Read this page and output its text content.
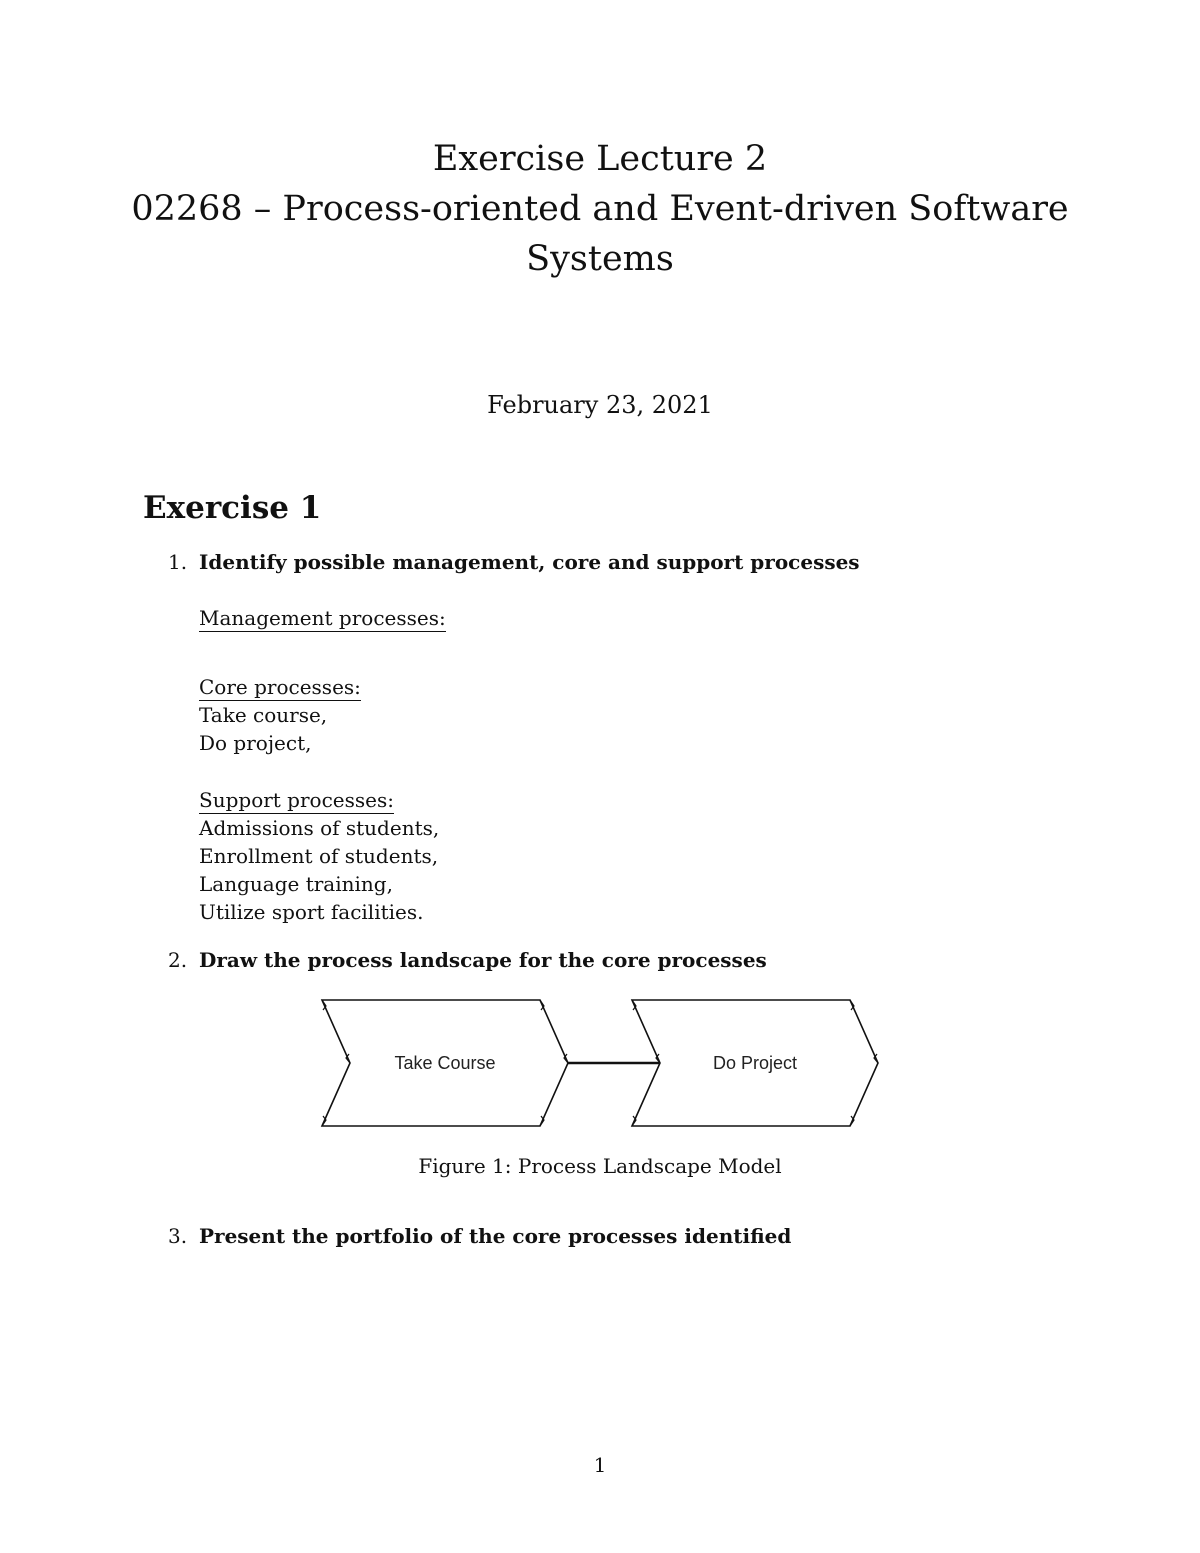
Exercise Lecture 2

02268 – Process-oriented and Event-driven Software

Systems

February 23, 2021
Exercise 1
1. Identify possible management, core and support processes
Management processes:
Core processes:
Take course,
Do project,
Support processes:
Admissions of students,
Enrollment of students,
Language training,
Utilize sport facilities.
2. Draw the process landscape for the core processes
Take Course	Do Project
Figure 1: Process Landscape Model
3. Present the portfolio of the core processes identified
1
